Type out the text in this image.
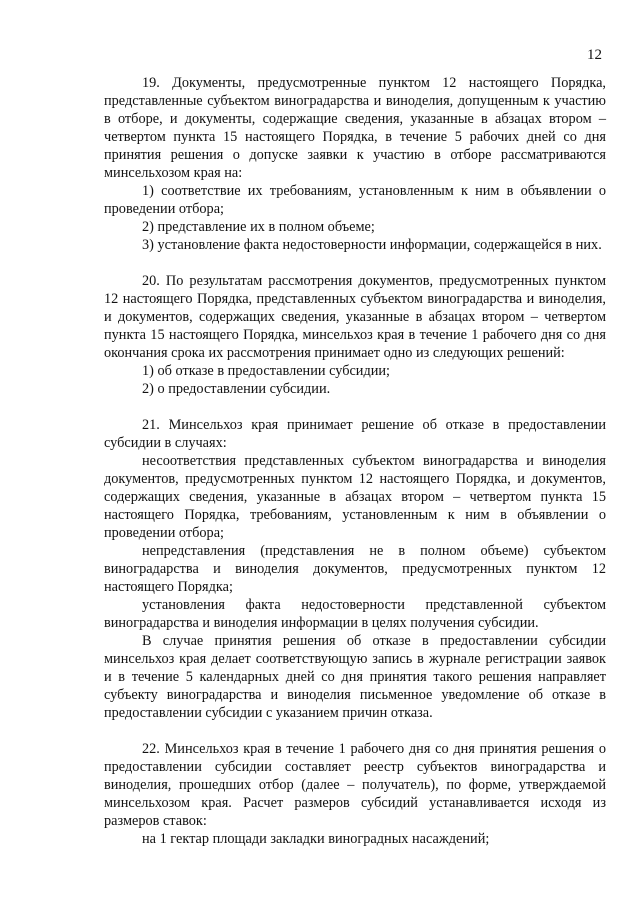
12

19. Документы, предусмотренные пунктом 12 настоящего Порядка, представленные субъектом виноградарства и виноделия, допущенным к участию в отборе, и документы, содержащие сведения, указанные в абзацах втором – четвертом пункта 15 настоящего Порядка, в течение 5 рабочих дней со дня принятия решения о допуске заявки к участию в отборе рассматриваются минсельхозом края на:

1) соответствие их требованиям, установленным к ним в объявлении о проведении отбора;

2) представление их в полном объеме;

3) установление факта недостоверности информации, содержащейся в них.

20. По результатам рассмотрения документов, предусмотренных пунктом 12 настоящего Порядка, представленных субъектом виноградарства и виноделия, и документов, содержащих сведения, указанные в абзацах втором – четвертом пункта 15 настоящего Порядка, минсельхоз края в течение 1 рабочего дня со дня окончания срока их рассмотрения принимает одно из следующих решений:

1) об отказе в предоставлении субсидии;

2) о предоставлении субсидии.

21. Минсельхоз края принимает решение об отказе в предоставлении субсидии в случаях:

несоответствия представленных субъектом виноградарства и виноделия документов, предусмотренных пунктом 12 настоящего Порядка, и документов, содержащих сведения, указанные в абзацах втором – четвертом пункта 15 настоящего Порядка, требованиям, установленным к ним в объявлении о проведении отбора;

непредставления (представления не в полном объеме) субъектом виноградарства и виноделия документов, предусмотренных пунктом 12 настоящего Порядка;

установления факта недостоверности представленной субъектом виноградарства и виноделия информации в целях получения субсидии.

В случае принятия решения об отказе в предоставлении субсидии минсельхоз края делает соответствующую запись в журнале регистрации заявок и в течение 5 календарных дней со дня принятия такого решения направляет субъекту виноградарства и виноделия письменное уведомление об отказе в предоставлении субсидии с указанием причин отказа.

22. Минсельхоз края в течение 1 рабочего дня со дня принятия решения о предоставлении субсидии составляет реестр субъектов виноградарства и виноделия, прошедших отбор (далее – получатель), по форме, утверждаемой минсельхозом края. Расчет размеров субсидий устанавливается исходя из размеров ставок:

на 1 гектар площади закладки виноградных насаждений;
